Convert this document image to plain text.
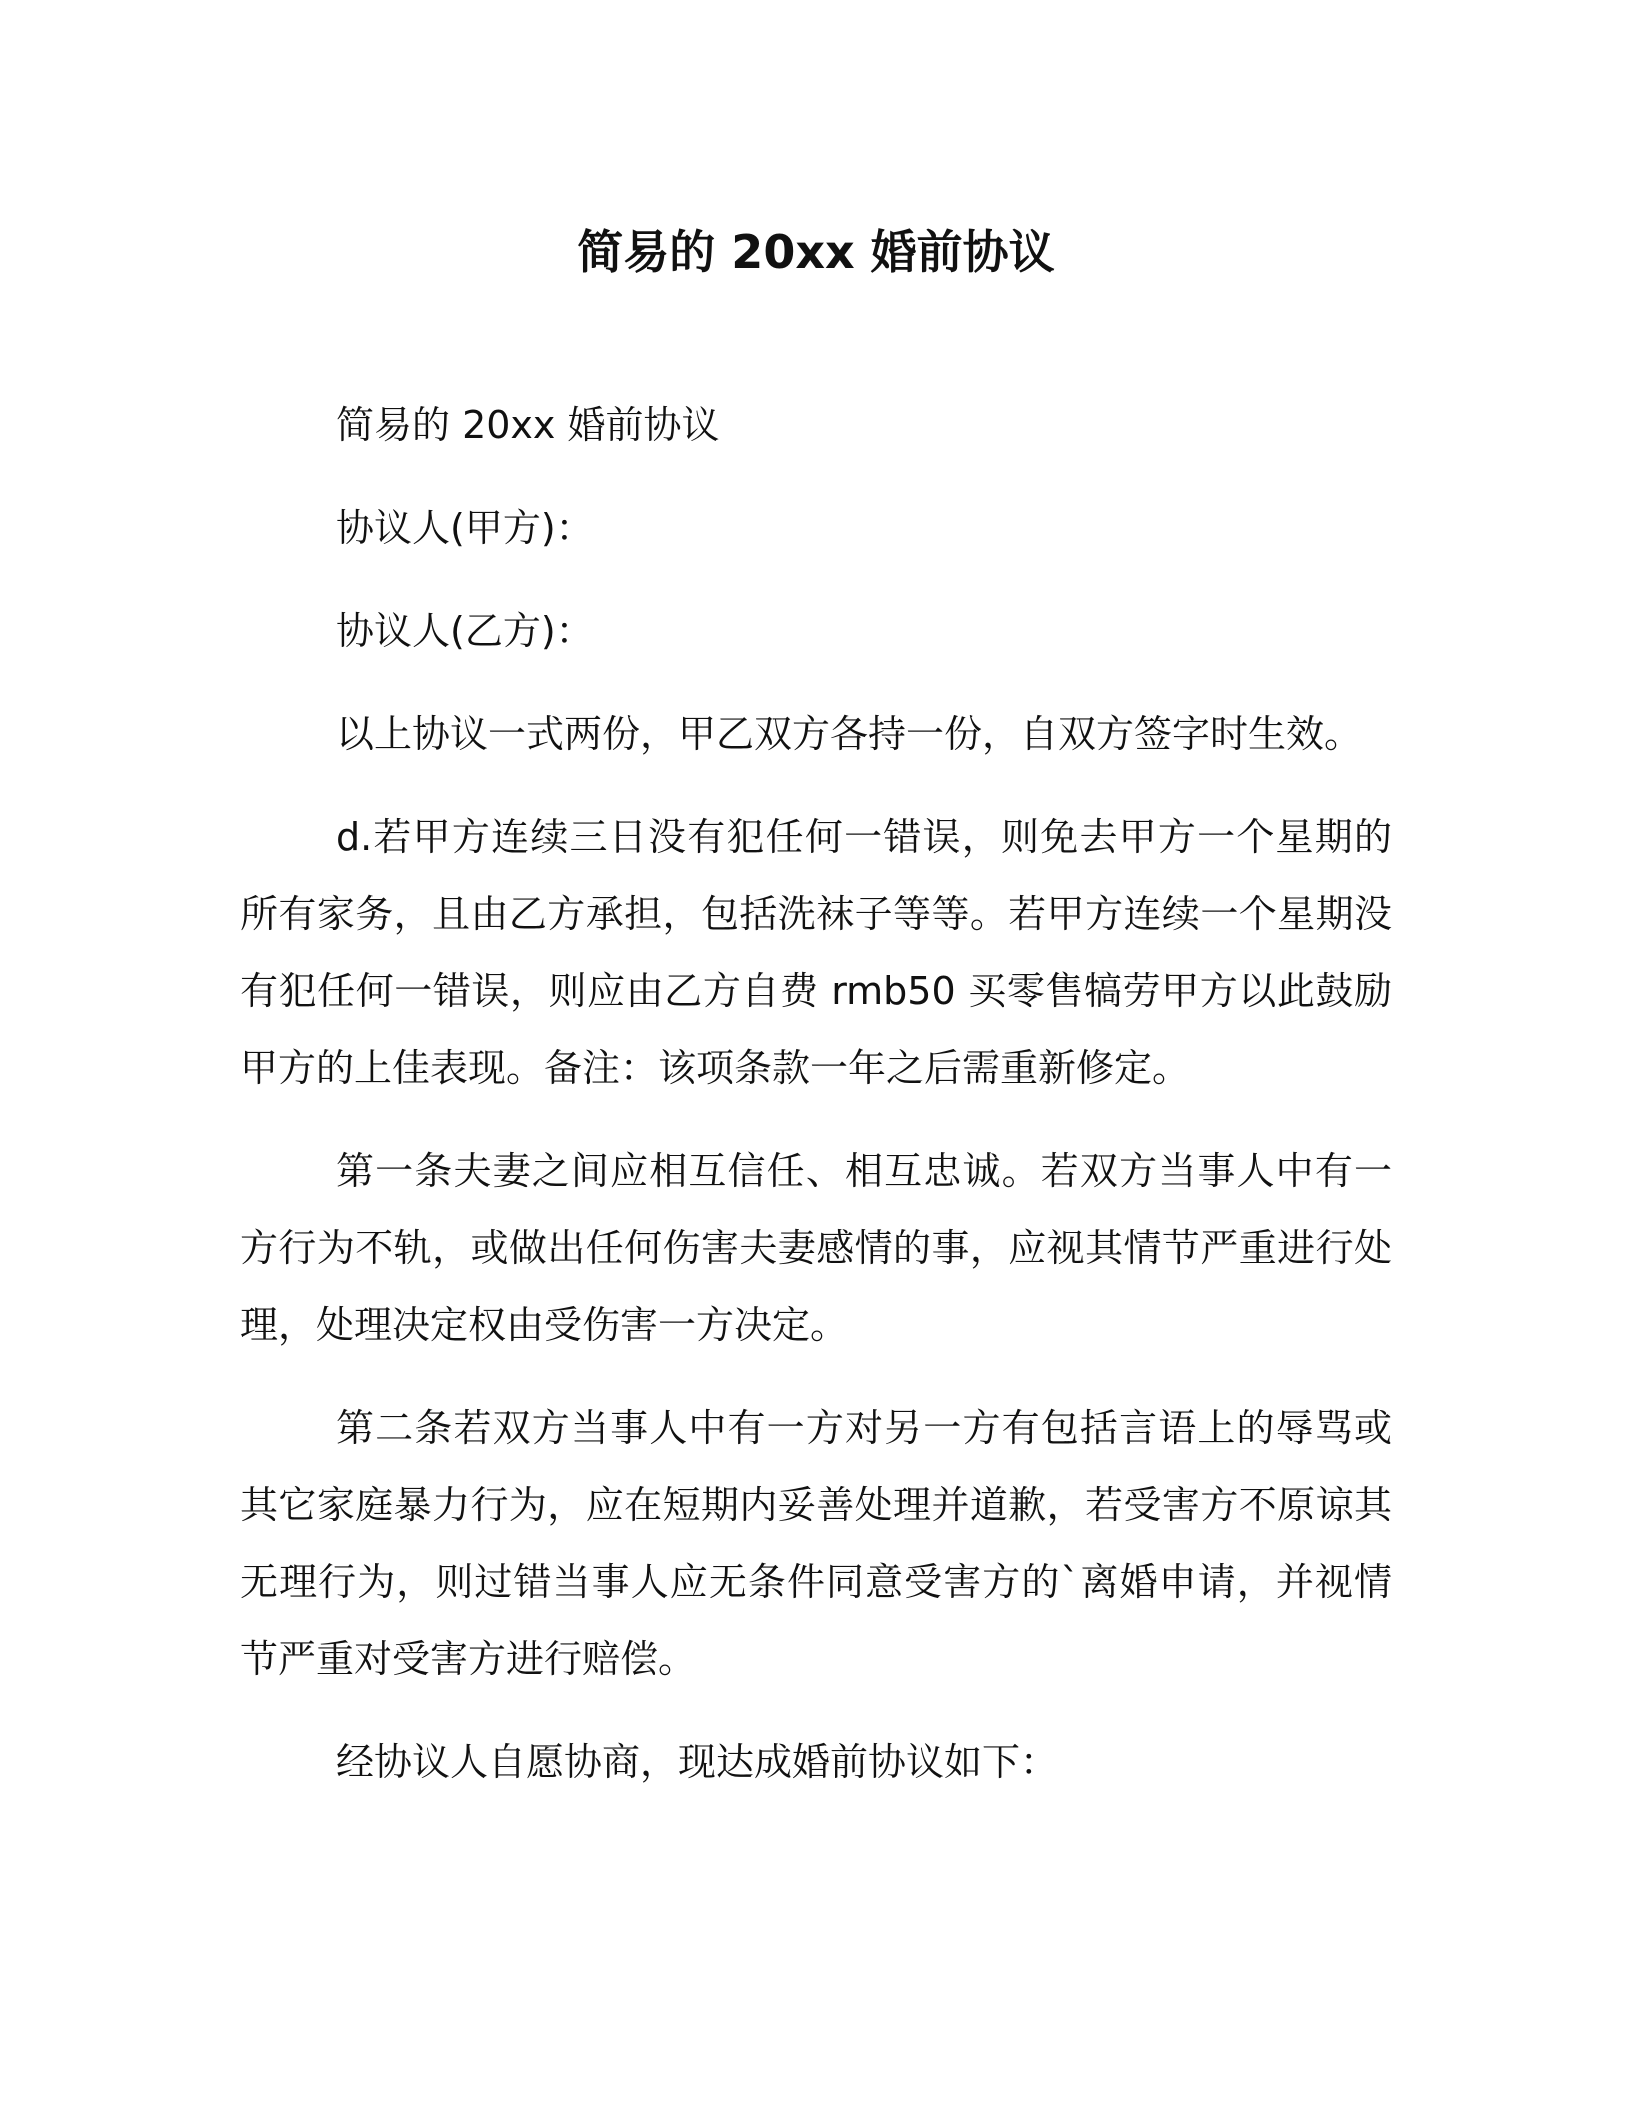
简易的 20xx 婚前协议

简易的 20xx 婚前协议

协议人(甲方)：

协议人(乙方)：

以上协议一式两份，甲乙双方各持一份，自双方签字时生效。

d.若甲方连续三日没有犯任何一错误，则免去甲方一个星期的所有家务，且由乙方承担，包括洗袜子等等。若甲方连续一个星期没有犯任何一错误，则应由乙方自费 rmb50 买零售犒劳甲方以此鼓励甲方的上佳表现。备注：该项条款一年之后需重新修定。

第一条夫妻之间应相互信任、相互忠诚。若双方当事人中有一方行为不轨，或做出任何伤害夫妻感情的事，应视其情节严重进行处理，处理决定权由受伤害一方决定。

第二条若双方当事人中有一方对另一方有包括言语上的辱骂或其它家庭暴力行为，应在短期内妥善处理并道歉，若受害方不原谅其无理行为，则过错当事人应无条件同意受害方的`离婚申请，并视情节严重对受害方进行赔偿。

经协议人自愿协商，现达成婚前协议如下：
